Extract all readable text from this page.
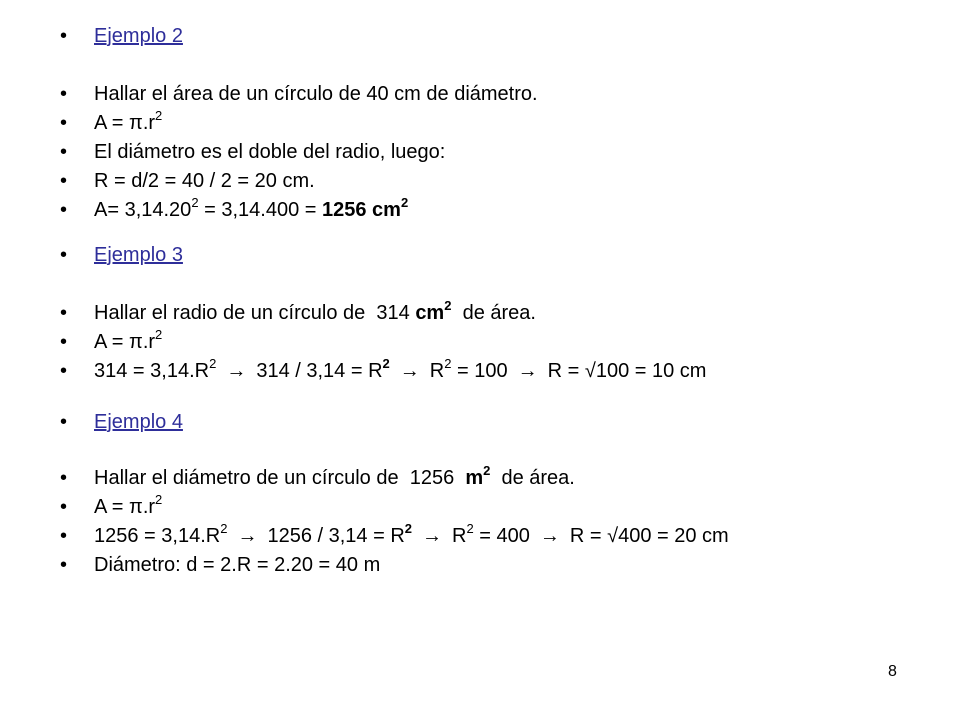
•	Ejemplo 2
•	Hallar el área de un círculo de 40 cm de diámetro.
•	$A = \pi.r^2$
•	El diámetro es el doble del radio, luego:
•	R = d/2 = 40 / 2 = 20 cm.
•	$A= 3,14.20^2 = 3,14.400 = 1256$ $cm^2$
•	Ejemplo 3
•	Hallar el radio de un círculo de  314 $cm^2$  de área.
•	$A = \pi.r^2$
•	$314 = 3,14.R^2 \to 314 / 3,14 = R^2 \to R^2 = 100 \to R = √100 = 10$ cm
•	Ejemplo 4
•	Hallar el diámetro de un círculo de  1256  $m^2$  de área.
•	$A = \pi.r^2$
•	$1256 = 3,14.R^2 \to 1256 / 3,14 = R^2 \to R^2 = 400 \to R = √400 = 20$ cm
•	Diámetro: d = 2.R = 2.20 = 40 m
8
